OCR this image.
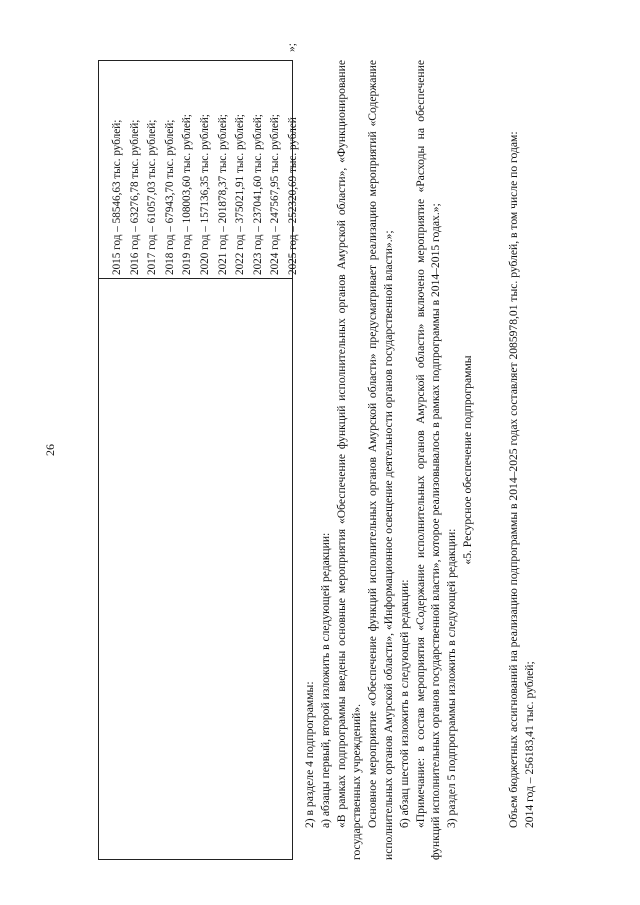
26
2015 год – 58546,63 тыс. рублей; 2016 год – 63276,78 тыс. рублей; 2017 год – 61057,03 тыс. рублей; 2018 год – 67943,70 тыс. рублей; 2019 год – 108003,60 тыс. рублей; 2020 год – 157136,35 тыс. рублей; 2021 год – 201878,37 тыс. рублей; 2022 год – 375021,91 тыс. рублей; 2023 год – 237041,60 тыс. рублей; 2024 год – 247567,95 тыс. рублей; 2025 год – 252320,69 тыс. рублей
»;

2) в разделе 4 подпрограммы: а) абзацы первый, второй изложить в следующей редакции: «В рамках подпрограммы введены основные мероприятия «Обеспечение функций исполнительных органов Амурской области», «Функционирование государственных учреждений». Основное мероприятие «Обеспечение функций исполнительных органов Амурской области» предусматривает реализацию мероприятий «Содержание исполнительных органов Амурской области», «Информационное освещение деятельности органов государственной власти».»; б) абзац шестой изложить в следующей редакции: «Примечание: в состав мероприятия «Содержание исполнительных органов Амурской области» включено мероприятие «Расходы на обеспечение функций исполнительных органов государственной власти», которое реализовывалось в рамках подпрограммы в 2014–2015 годах.»; 3) раздел 5 подпрограммы изложить в следующей редакции:

«5. Ресурсное обеспечение подпрограммы	Объем бюджетных ассигнований на реализацию подпрограммы в 2014–2025 годах составляет 2085978,01 тыс. рублей, в том числе по годам: 2014 год – 256183,41 тыс. рублей;
